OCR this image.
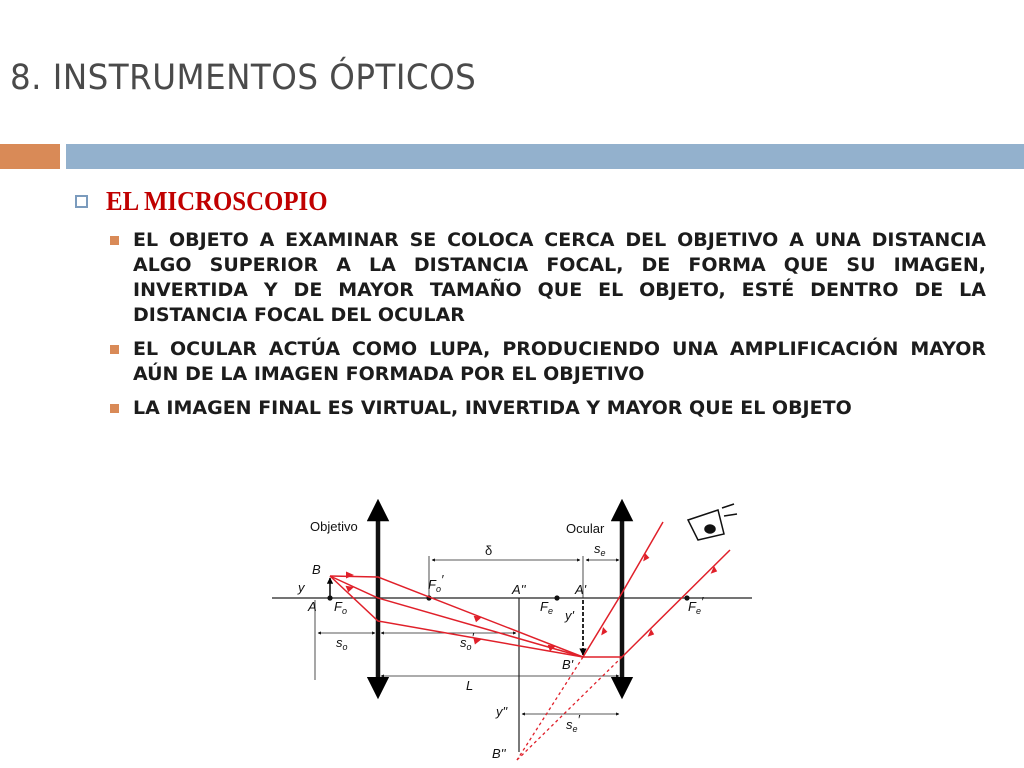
8. INSTRUMENTOS ÓPTICOS
EL MICROSCOPIO
EL OBJETO A EXAMINAR SE COLOCA CERCA DEL OBJETIVO A UNA DISTANCIA ALGO SUPERIOR A LA DISTANCIA FOCAL, DE FORMA QUE SU IMAGEN, INVERTIDA Y DE MAYOR TAMAÑO QUE EL OBJETO, ESTÉ DENTRO DE LA DISTANCIA FOCAL DEL OCULAR
EL OCULAR ACTÚA COMO LUPA, PRODUCIENDO UNA AMPLIFICACIÓN MAYOR AÚN DE LA IMAGEN FORMADA POR EL OBJETIVO
LA IMAGEN FINAL ES VIRTUAL, INVERTIDA Y MAYOR QUE EL OBJETO
Objetivo	Ocular
δ	$s_e$
B
y
A $F_o$
$F_o'$
A''	A'
$F_e$ y'
$F_e'$
$s_o$	$s_o'$
B'
L
y"
$s_e'$
B''
